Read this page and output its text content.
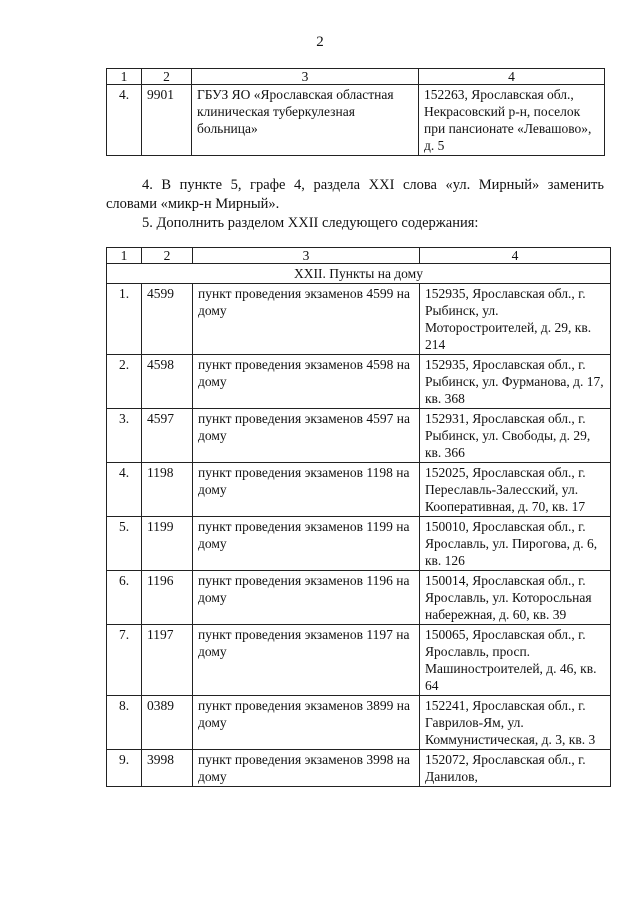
2
1	2	3	4
4.	9901	ГБУЗ ЯО «Ярославская областная клиническая туберкулезная больница»	152263, Ярославская обл., Некрасовский р-н, поселок при пансионате «Левашово», д. 5
4. В пункте 5, графе 4, раздела XXI слова «ул. Мирный» заменить словами «микр-н Мирный».
5. Дополнить разделом XXII следующего содержания:
1	2	3	4
XXII. Пункты на дому			
1.	4599	пункт проведения экзаменов 4599 на дому	152935, Ярославская обл., г. Рыбинск, ул. Моторостроителей, д. 29, кв. 214
2.	4598	пункт проведения экзаменов 4598 на дому	152935, Ярославская обл., г. Рыбинск, ул. Фурманова, д. 17, кв. 368
3.	4597	пункт проведения экзаменов 4597 на дому	152931, Ярославская обл., г. Рыбинск, ул. Свободы, д. 29, кв. 366
4.	1198	пункт проведения экзаменов 1198 на дому	152025, Ярославская обл., г. Переславль-Залесский, ул. Кооперативная, д. 70, кв. 17
5.	1199	пункт проведения экзаменов 1199 на дому	150010, Ярославская обл., г. Ярославль, ул. Пирогова, д. 6, кв. 126
6.	1196	пункт проведения экзаменов 1196 на дому	150014, Ярославская обл., г. Ярославль, ул. Которосльная набережная, д. 60, кв. 39
7.	1197	пункт проведения экзаменов 1197 на дому	150065, Ярославская обл., г. Ярославль, просп. Машиностроителей, д. 46, кв. 64
8.	0389	пункт проведения экзаменов 3899 на дому	152241, Ярославская обл., г. Гаврилов-Ям, ул. Коммунистическая, д. 3, кв. 3
9.	3998	пункт проведения экзаменов 3998 на дому	152072, Ярославская обл., г. Данилов,
